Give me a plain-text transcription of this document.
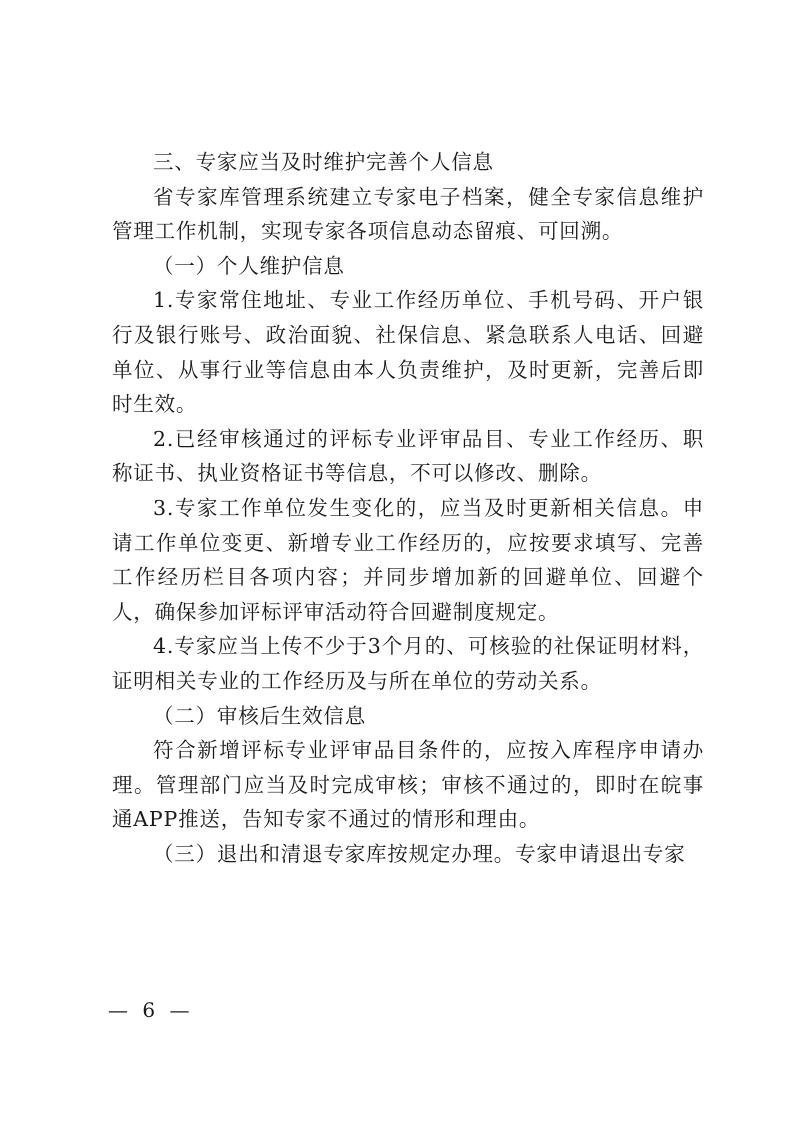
三、专家应当及时维护完善个人信息

省专家库管理系统建立专家电子档案，健全专家信息维护管理工作机制，实现专家各项信息动态留痕、可回溯。

（一）个人维护信息

1.专家常住地址、专业工作经历单位、手机号码、开户银行及银行账号、政治面貌、社保信息、紧急联系人电话、回避单位、从事行业等信息由本人负责维护，及时更新，完善后即时生效。

2.已经审核通过的评标专业评审品目、专业工作经历、职称证书、执业资格证书等信息，不可以修改、删除。

3.专家工作单位发生变化的，应当及时更新相关信息。申请工作单位变更、新增专业工作经历的，应按要求填写、完善工作经历栏目各项内容；并同步增加新的回避单位、回避个人，确保参加评标评审活动符合回避制度规定。

4.专家应当上传不少于3个月的、可核验的社保证明材料，证明相关专业的工作经历及与所在单位的劳动关系。

（二）审核后生效信息

符合新增评标专业评审品目条件的，应按入库程序申请办理。管理部门应当及时完成审核；审核不通过的，即时在皖事通APP推送，告知专家不通过的情形和理由。

（三）退出和清退专家库按规定办理。专家申请退出专家

— 6 —
